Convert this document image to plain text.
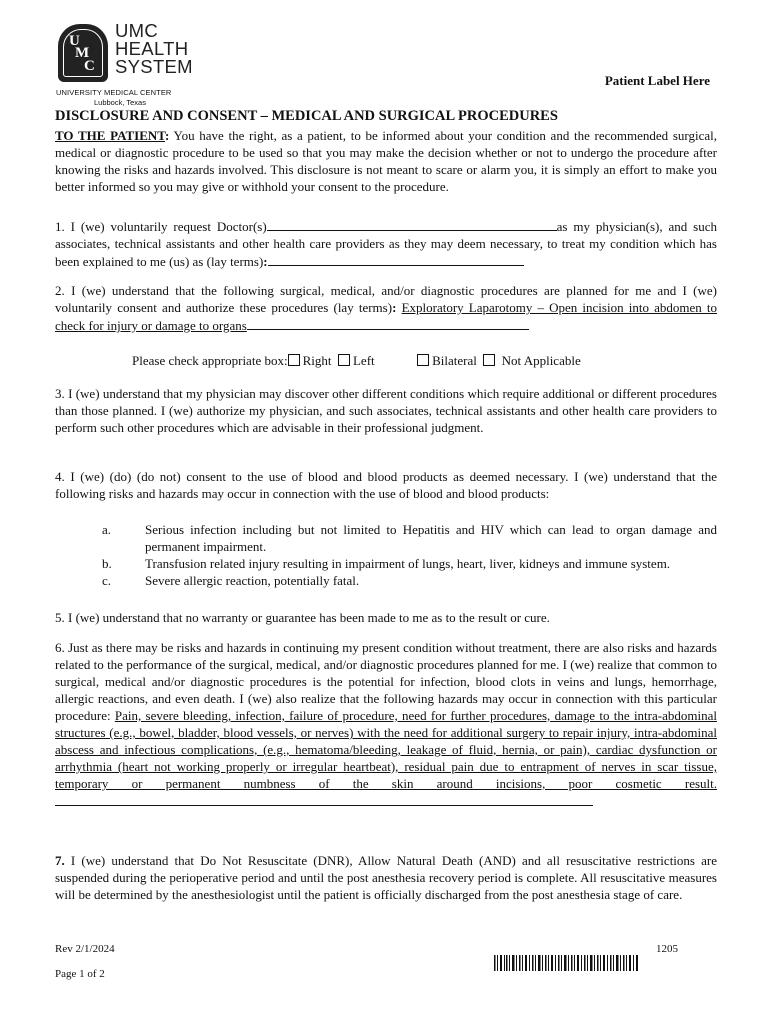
U
M
C
UMC
HEALTH
SYSTEM
UNIVERSITY MEDICAL CENTER
Lubbock, Texas
Patient Label Here
DISCLOSURE AND CONSENT – MEDICAL AND SURGICAL PROCEDURES
TO THE PATIENT: You have the right, as a patient, to be informed about your condition and the recommended surgical, medical or diagnostic procedure to be used so that you may make the decision whether or not to undergo the procedure after knowing the risks and hazards involved. This disclosure is not meant to scare or alarm you, it is simply an effort to make you better informed so you may give or withhold your consent to the procedure.
1. I (we) voluntarily request Doctor(s)	as my physician(s), and such associates, technical assistants and other health care providers as they may deem necessary, to treat my condition which has been explained to me (us) as (lay terms):
2. I (we) understand that the following surgical, medical, and/or diagnostic procedures are planned for me and I (we) voluntarily consent and authorize these procedures (lay terms): Exploratory Laparotomy – Open incision into abdomen to check for injury or damage to organs
Please check appropriate box: Right Left	Bilateral Not Applicable
3. I (we) understand that my physician may discover other different conditions which require additional or different procedures than those planned. I (we) authorize my physician, and such associates, technical assistants and other health care providers to perform such other procedures which are advisable in their professional judgment.
4. I (we) (do) (do not) consent to the use of blood and blood products as deemed necessary. I (we) understand that the following risks and hazards may occur in connection with the use of blood and blood products:
a.	Serious infection including but not limited to Hepatitis and HIV which can lead to organ damage and permanent impairment.
b.	Transfusion related injury resulting in impairment of lungs, heart, liver, kidneys and immune system.
c.	Severe allergic reaction, potentially fatal.
5. I (we) understand that no warranty or guarantee has been made to me as to the result or cure.
6. Just as there may be risks and hazards in continuing my present condition without treatment, there are also risks and hazards related to the performance of the surgical, medical, and/or diagnostic procedures planned for me. I (we) realize that common to surgical, medical and/or diagnostic procedures is the potential for infection, blood clots in veins and lungs, hemorrhage, allergic reactions, and even death. I (we) also realize that the following hazards may occur in connection with this particular procedure: Pain, severe bleeding, infection, failure of procedure, need for further procedures, damage to the intra-abdominal structures (e.g., bowel, bladder, blood vessels, or nerves) with the need for additional surgery to repair injury, intra-abdominal abscess and infectious complications, (e.g., hematoma/bleeding, leakage of fluid, hernia, or pain), cardiac dysfunction or arrhythmia (heart not working properly or irregular heartbeat), residual pain due to entrapment of nerves in scar tissue, temporary or permanent numbness of the skin around incisions, poor cosmetic result.
7. I (we) understand that Do Not Resuscitate (DNR), Allow Natural Death (AND) and all resuscitative restrictions are suspended during the perioperative period and until the post anesthesia recovery period is complete. All resuscitative measures will be determined by the anesthesiologist until the patient is officially discharged from the post anesthesia stage of care.
Rev 2/1/2024
Page 1 of 2
1205
